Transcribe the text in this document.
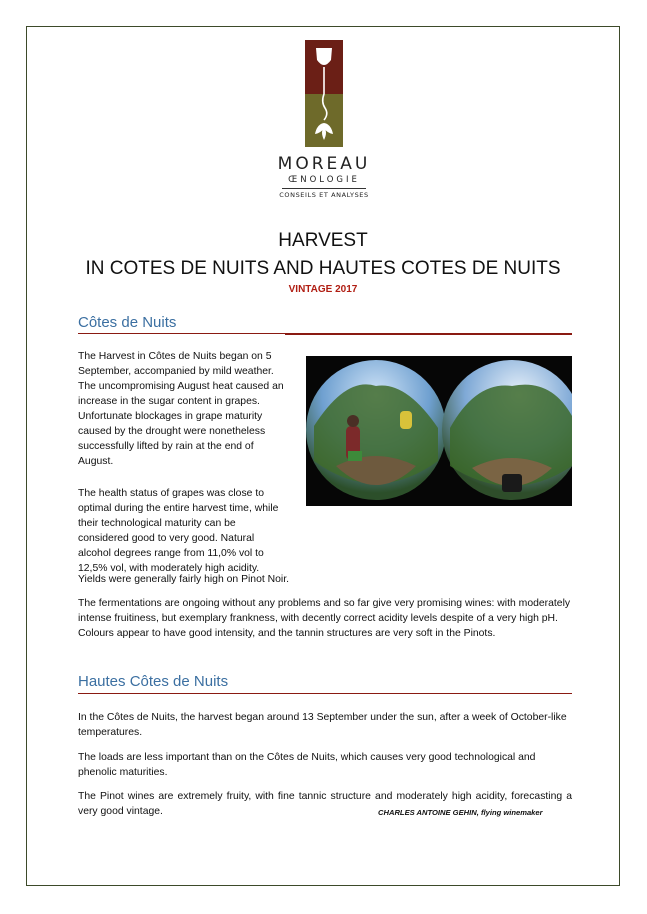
MOREAU
ŒNOLOGIE
CONSEILS ET ANALYSES
HARVEST
IN COTES DE NUITS AND HAUTES COTES DE NUITS
VINTAGE 2017
Côtes de Nuits

The Harvest in Côtes de Nuits began on 5 September, accompanied by mild weather. The uncompromising August heat caused an increase in the sugar content in grapes. Unfortunate blockages in grape maturity caused by the drought were nonetheless successfully lifted by rain at the end of August.

The health status of grapes was close to optimal during the entire harvest time, while their technological maturity can be considered good to very good. Natural alcohol degrees range from 11,0% vol to 12,5% vol, with moderately high acidity.

Yields were generally fairly high on Pinot Noir.

The fermentations are ongoing without any problems and so far give very promising wines: with moderately intense fruitiness, but exemplary frankness, with decently correct acidity levels despite of a very high pH. Colours appear to have good intensity, and the tannin structures are very soft in the Pinots.

Hautes Côtes de Nuits

In the Côtes de Nuits, the harvest began around 13 September under the sun, after a week of October-like temperatures.

The loads are less important than on the Côtes de Nuits, which causes very good technological and phenolic maturities.

The Pinot wines are extremely fruity, with fine tannic structure and moderately high acidity, forecasting a very good vintage.	CHARLES ANTOINE GEHIN, flying winemaker
